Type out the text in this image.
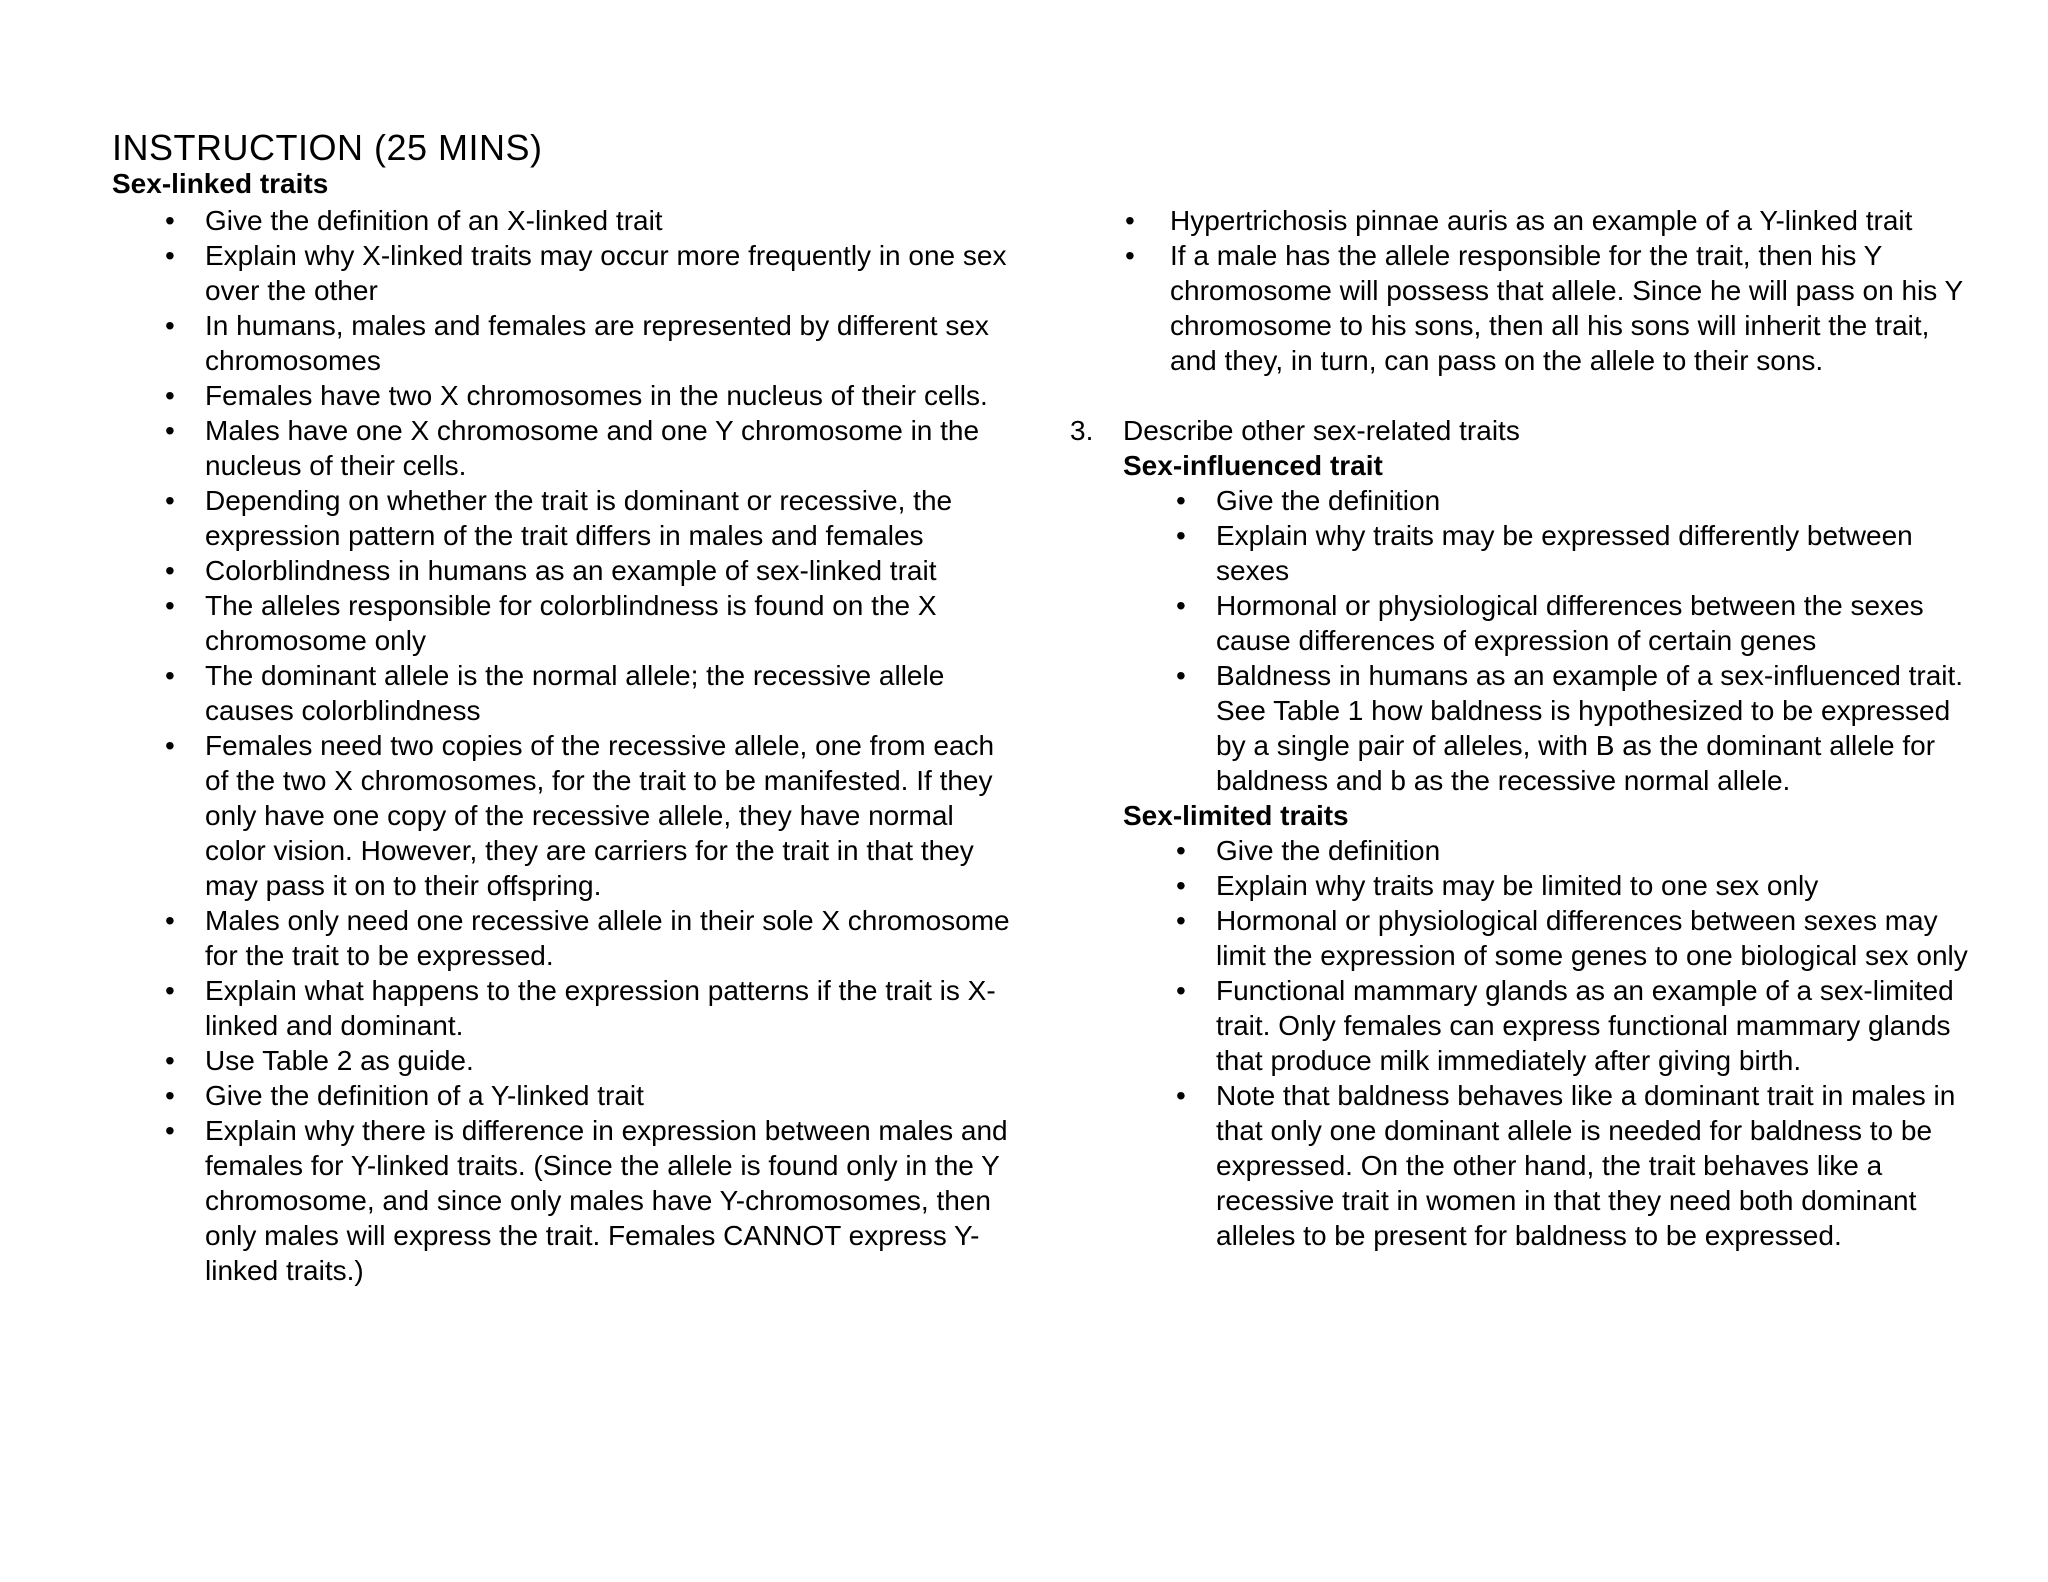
INSTRUCTION (25 MINS)
Sex-linked traits
• Give the definition of an X-linked trait
• Explain why X-linked traits may occur more frequently in one sex over the other
• In humans, males and females are represented by different sex chromosomes
• Females have two X chromosomes in the nucleus of their cells.
• Males have one X chromosome and one Y chromosome in the nucleus of their cells.
• Depending on whether the trait is dominant or recessive, the expression pattern of the trait differs in males and females
• Colorblindness in humans as an example of sex-linked trait
• The alleles responsible for colorblindness is found on the X chromosome only
• The dominant allele is the normal allele; the recessive allele causes colorblindness
• Females need two copies of the recessive allele, one from each of the two X chromosomes, for the trait to be manifested. If they only have one copy of the recessive allele, they have normal color vision. However, they are carriers for the trait in that they may pass it on to their offspring.
• Males only need one recessive allele in their sole X chromosome for the trait to be expressed.
• Explain what happens to the expression patterns if the trait is X-linked and dominant.
• Use Table 2 as guide.
• Give the definition of a Y-linked trait
• Explain why there is difference in expression between males and females for Y-linked traits. (Since the allele is found only in the Y chromosome, and since only males have Y-chromosomes, then only males will express the trait. Females CANNOT express Y-linked traits.)
• Hypertrichosis pinnae auris as an example of a Y-linked trait
• If a male has the allele responsible for the trait, then his Y chromosome will possess that allele. Since he will pass on his Y chromosome to his sons, then all his sons will inherit the trait, and they, in turn, can pass on the allele to their sons.
3. Describe other sex-related traits
Sex-influenced trait
• Give the definition
• Explain why traits may be expressed differently between sexes
• Hormonal or physiological differences between the sexes cause differences of expression of certain genes
• Baldness in humans as an example of a sex-influenced trait. See Table 1 how baldness is hypothesized to be expressed by a single pair of alleles, with B as the dominant allele for baldness and b as the recessive normal allele.
Sex-limited traits
• Give the definition
• Explain why traits may be limited to one sex only
• Hormonal or physiological differences between sexes may limit the expression of some genes to one biological sex only
• Functional mammary glands as an example of a sex-limited trait. Only females can express functional mammary glands that produce milk immediately after giving birth.
• Note that baldness behaves like a dominant trait in males in that only one dominant allele is needed for baldness to be expressed. On the other hand, the trait behaves like a recessive trait in women in that they need both dominant alleles to be present for baldness to be expressed.
